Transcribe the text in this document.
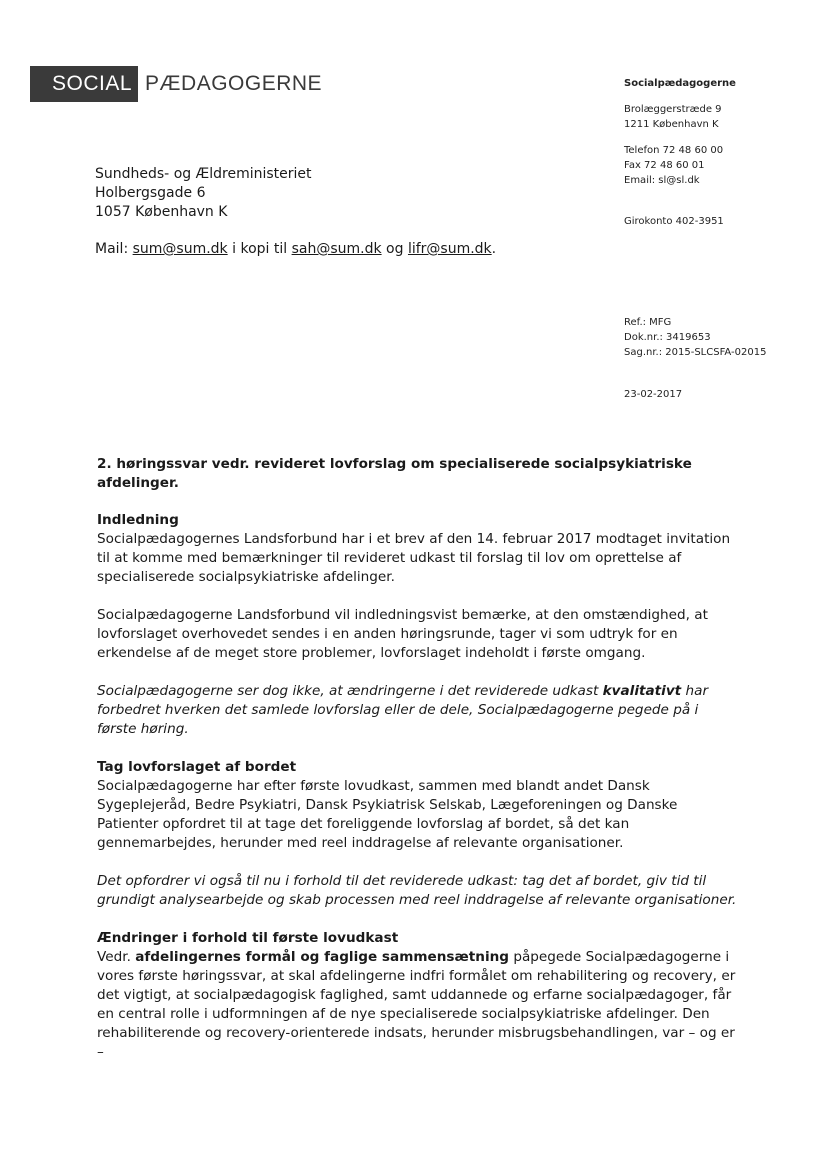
SOCIAL PÆDAGOGERNE	Socialpædagogerne
Brolæggerstræde 9
1211 København K
Telefon 72 48 60 00
Fax 72 48 60 01
Email: sl@sl.dk
Girokonto 402-3951
Sundheds- og Ældreministeriet
Holbergsgade 6
1057 København K
Mail: sum@sum.dk i kopi til sah@sum.dk og lifr@sum.dk.
Ref.: MFG
Dok.nr.: 3419653
Sag.nr.: 2015-SLCSFA-02015
23-02-2017

2. høringssvar vedr. revideret lovforslag om specialiserede socialpsykiatriske afdelinger.

Indledning

Socialpædagogernes Landsforbund har i et brev af den 14. februar 2017 modtaget invitation til at komme med bemærkninger til revideret udkast til forslag til lov om oprettelse af specialiserede socialpsykiatriske afdelinger.

Socialpædagogerne Landsforbund vil indledningsvist bemærke, at den omstændighed, at lovforslaget overhovedet sendes i en anden høringsrunde, tager vi som udtryk for en erkendelse af de meget store problemer, lovforslaget indeholdt i første omgang.

Socialpædagogerne ser dog ikke, at ændringerne i det reviderede udkast kvalitativt har forbedret hverken det samlede lovforslag eller de dele, Socialpædagogerne pegede på i første høring.

Tag lovforslaget af bordet

Socialpædagogerne har efter første lovudkast, sammen med blandt andet Dansk Sygeplejeråd, Bedre Psykiatri, Dansk Psykiatrisk Selskab, Lægeforeningen og Danske Patienter opfordret til at tage det foreliggende lovforslag af bordet, så det kan gennemarbejdes, herunder med reel inddragelse af relevante organisationer.

Det opfordrer vi også til nu i forhold til det reviderede udkast: tag det af bordet, giv tid til grundigt analysearbejde og skab processen med reel inddragelse af relevante organisationer.

Ændringer i forhold til første lovudkast

Vedr. afdelingernes formål og faglige sammensætning påpegede Socialpædagogerne i vores første høringssvar, at skal afdelingerne indfri formålet om rehabilitering og recovery, er det vigtigt, at socialpædagogisk faglighed, samt uddannede og erfarne socialpædagoger, får en central rolle i udformningen af de nye specialiserede socialpsykiatriske afdelinger. Den rehabiliterende og recovery-orienterede indsats, herunder misbrugsbehandlingen, var – og er –
